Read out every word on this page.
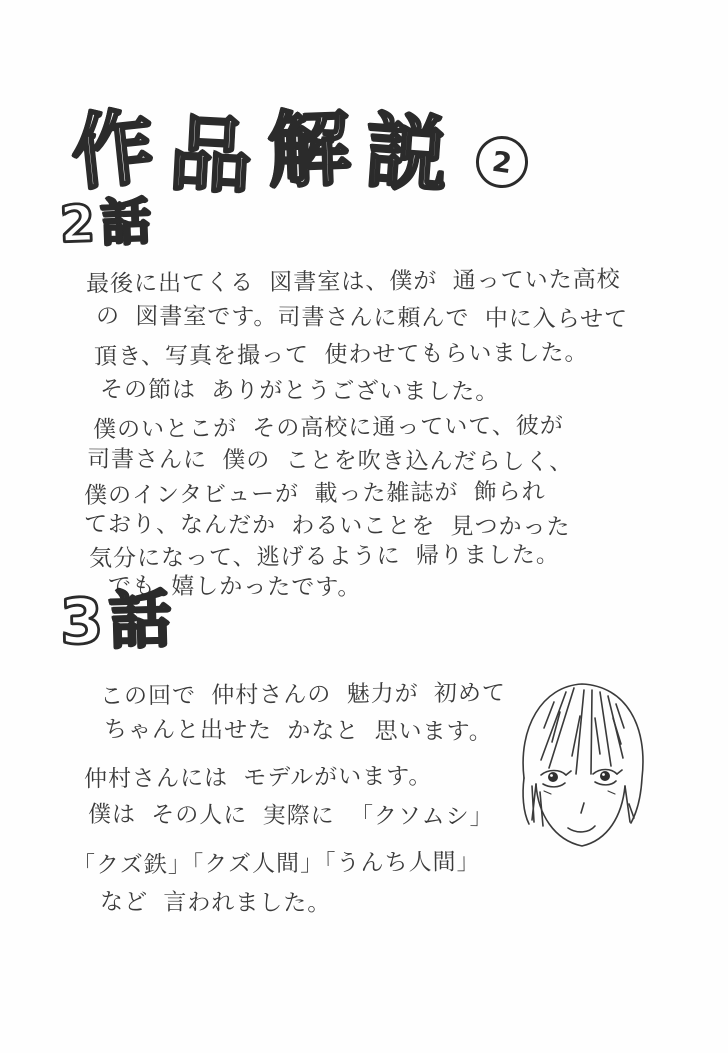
作品解説 2
2話
最後に出てくる 図書室は、僕が 通っていた高校
の 図書室です。司書さんに頼んで 中に入らせて
頂き、写真を撮って 使わせてもらいました。
その節は ありがとうございました。
僕のいとこが その高校に通っていて、彼が
司書さんに 僕の ことを吹き込んだらしく、
僕のインタビューが 載った雑誌が 飾られ
ており、なんだか わるいことを 見つかった
気分になって、逃げるように 帰りました。
でも 嬉しかったです。
3話
この回で 仲村さんの 魅力が 初めて
ちゃんと出せた かなと 思います。
仲村さんには モデルがいます。
僕は その人に 実際に 「クソムシ」
「クズ鉄」「クズ人間」「うんち人間」
など 言われました。
